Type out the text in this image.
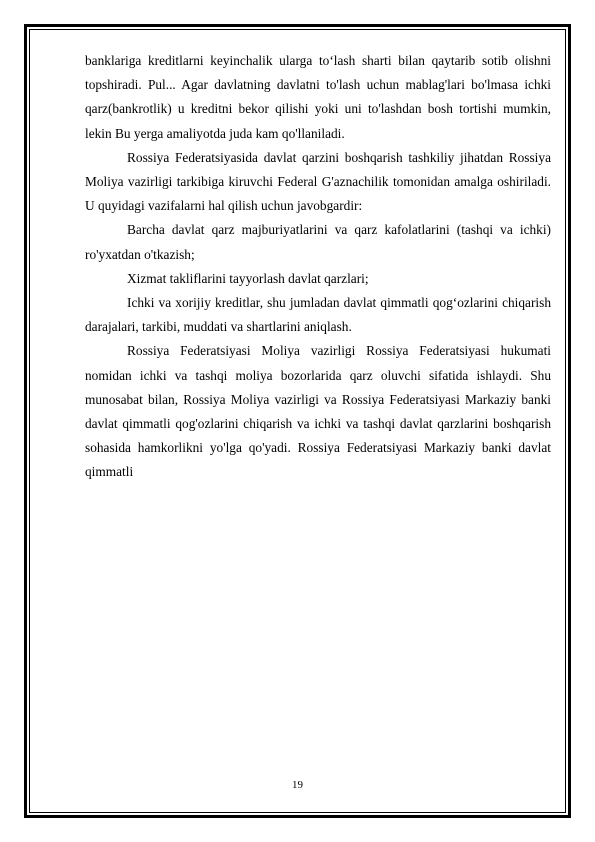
banklariga kreditlarni keyinchalik ularga to‘lash sharti bilan qaytarib sotib olishni topshiradi. Pul... Agar davlatning davlatni to'lash uchun mablag'lari bo'lmasa ichki qarz(bankrotlik) u kreditni bekor qilishi yoki uni to'lashdan bosh tortishi mumkin, lekin Bu yerga amaliyotda juda kam qo'llaniladi.

Rossiya Federatsiyasida davlat qarzini boshqarish tashkiliy jihatdan Rossiya Moliya vazirligi tarkibiga kiruvchi Federal G'aznachilik tomonidan amalga oshiriladi. U quyidagi vazifalarni hal qilish uchun javobgardir:

Barcha davlat qarz majburiyatlarini va qarz kafolatlarini (tashqi va ichki) ro'yxatdan o'tkazish;

Xizmat takliflarini tayyorlash davlat qarzlari;

Ichki va xorijiy kreditlar, shu jumladan davlat qimmatli qog‘ozlarini chiqarish darajalari, tarkibi, muddati va shartlarini aniqlash.

Rossiya Federatsiyasi Moliya vazirligi Rossiya Federatsiyasi hukumati nomidan ichki va tashqi moliya bozorlarida qarz oluvchi sifatida ishlaydi. Shu munosabat bilan, Rossiya Moliya vazirligi va Rossiya Federatsiyasi Markaziy banki davlat qimmatli qog'ozlarini chiqarish va ichki va tashqi davlat qarzlarini boshqarish sohasida hamkorlikni yo'lga qo'yadi. Rossiya Federatsiyasi Markaziy banki davlat qimmatli

19
